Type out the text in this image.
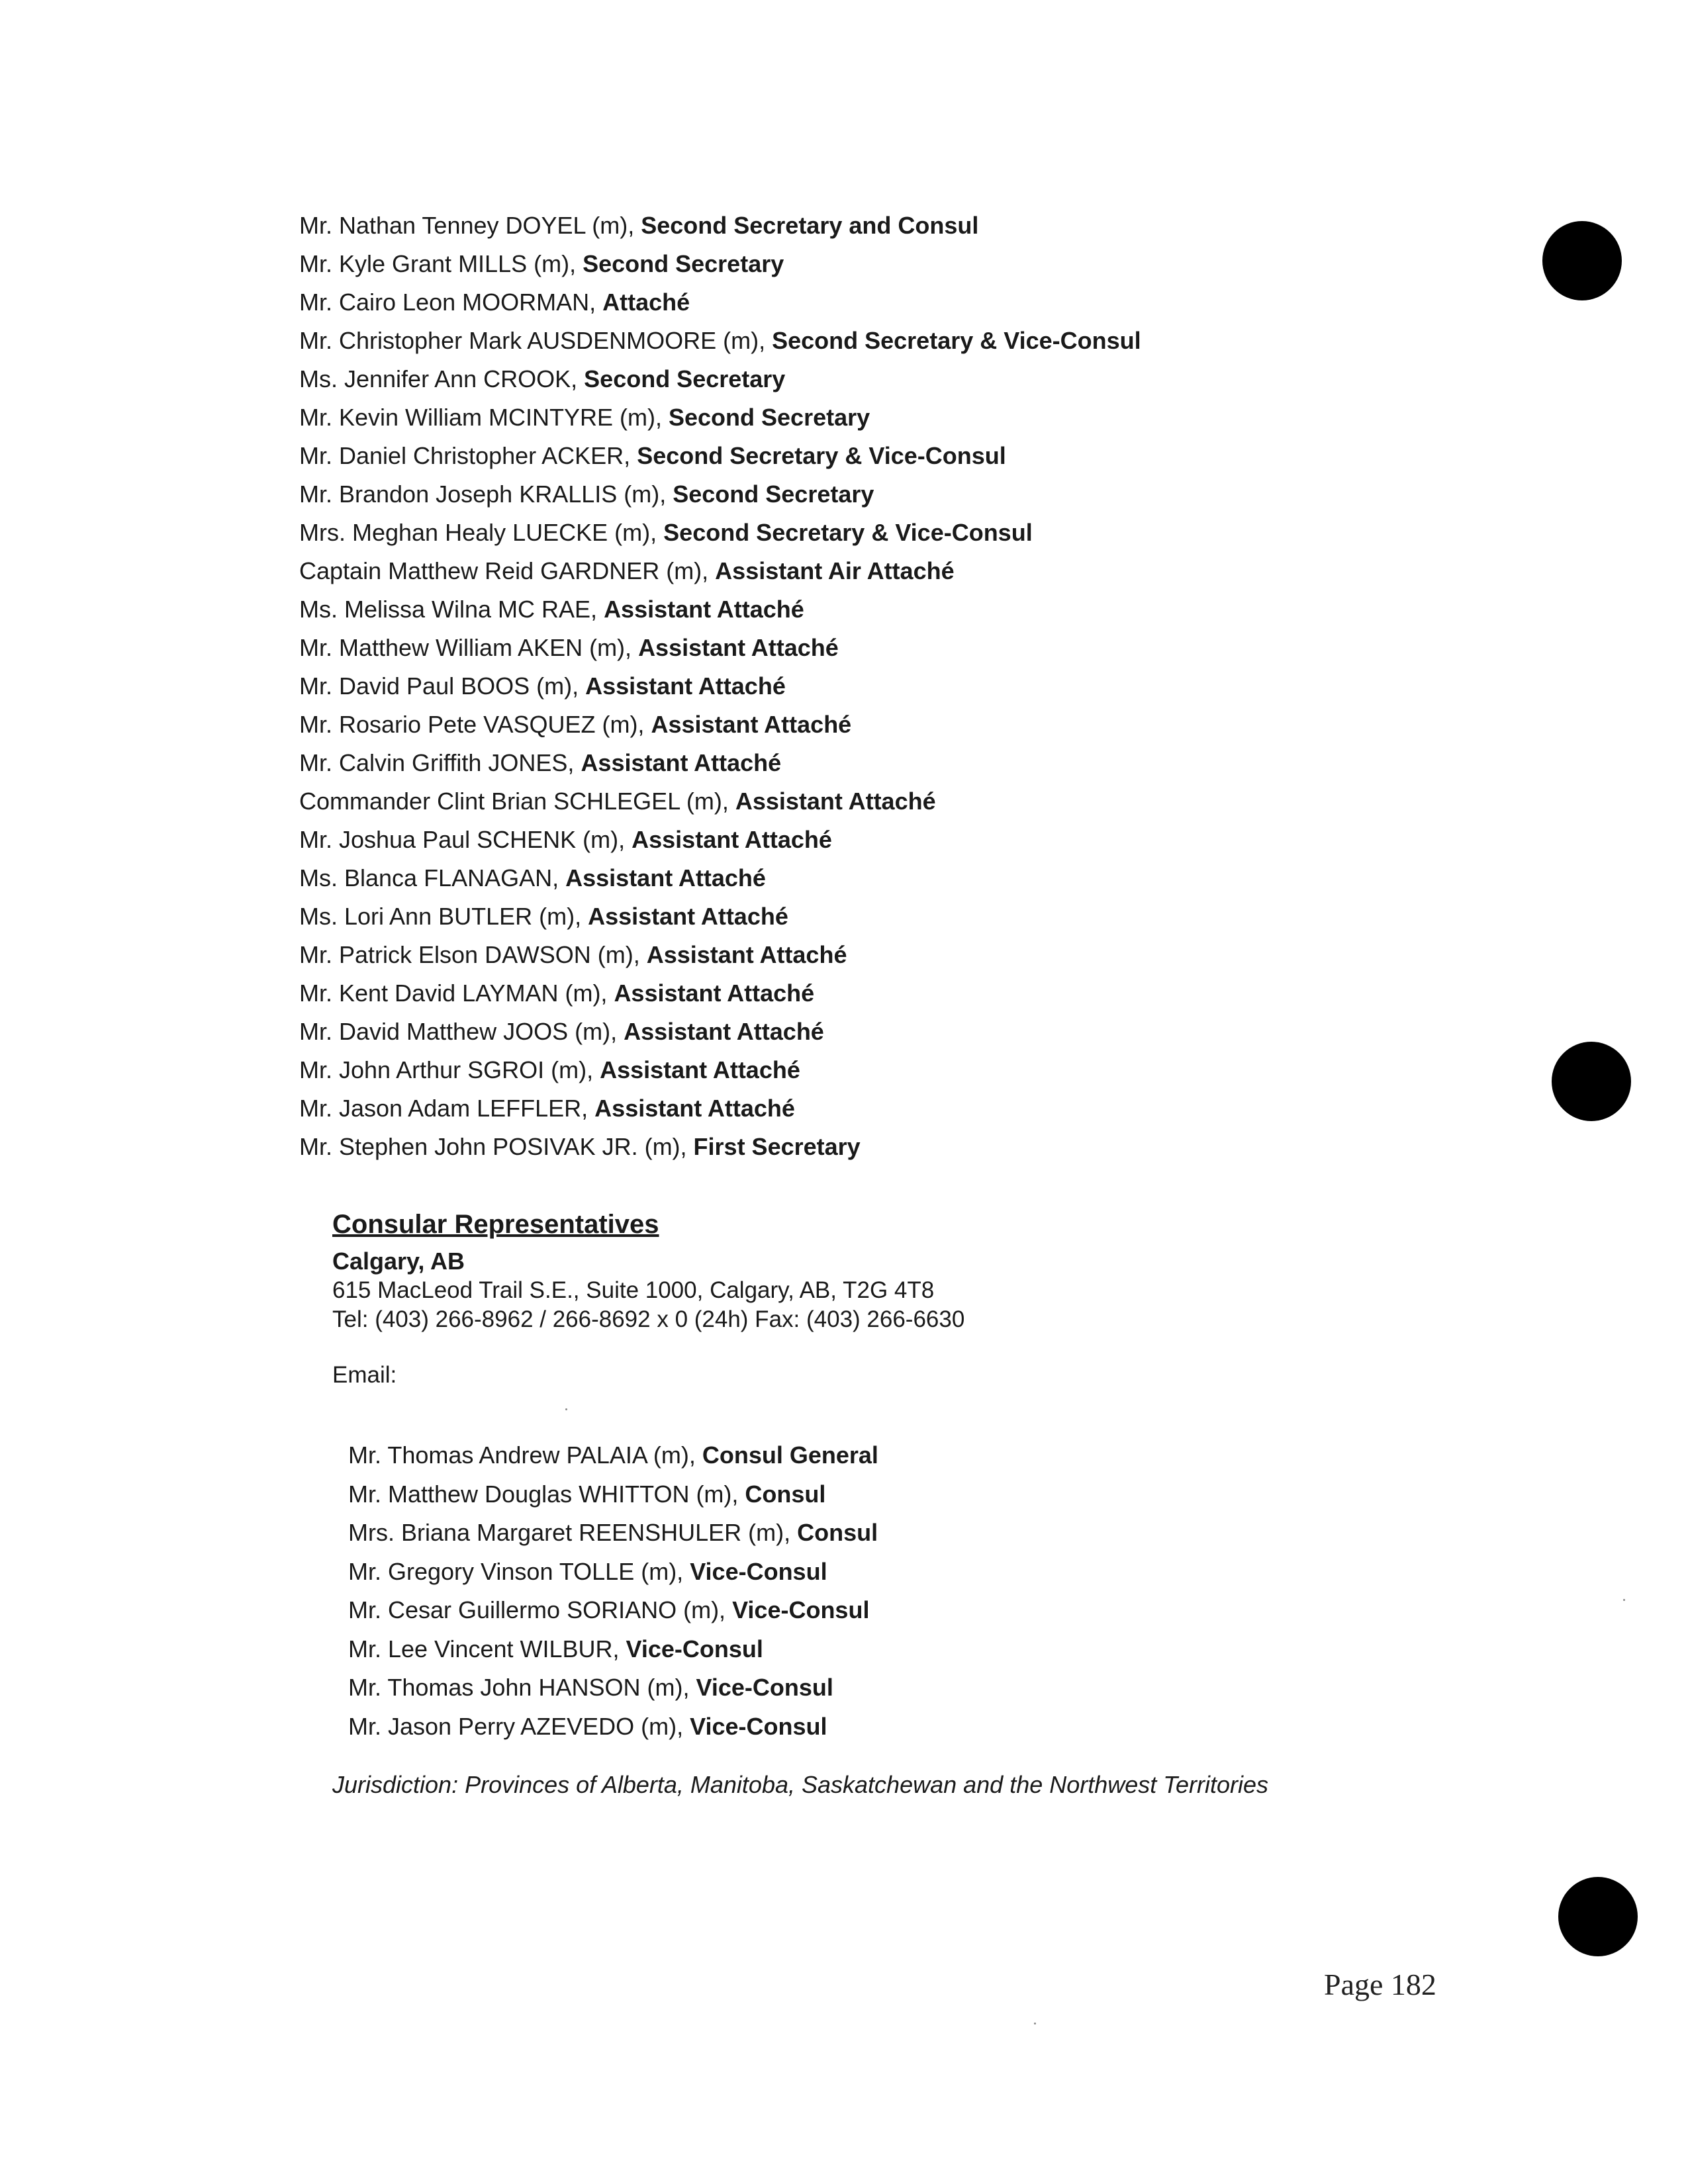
Mr. Nathan Tenney DOYEL (m), Second Secretary and Consul
Mr. Kyle Grant MILLS (m), Second Secretary
Mr. Cairo Leon MOORMAN, Attaché
Mr. Christopher Mark AUSDENMOORE (m), Second Secretary & Vice-Consul
Ms. Jennifer Ann CROOK, Second Secretary
Mr. Kevin William MCINTYRE (m), Second Secretary
Mr. Daniel Christopher ACKER, Second Secretary & Vice-Consul
Mr. Brandon Joseph KRALLIS (m), Second Secretary
Mrs. Meghan Healy LUECKE (m), Second Secretary & Vice-Consul
Captain Matthew Reid GARDNER (m), Assistant Air Attaché
Ms. Melissa Wilna MC RAE, Assistant Attaché
Mr. Matthew William AKEN (m), Assistant Attaché
Mr. David Paul BOOS (m), Assistant Attaché
Mr. Rosario Pete VASQUEZ (m), Assistant Attaché
Mr. Calvin Griffith JONES, Assistant Attaché
Commander Clint Brian SCHLEGEL (m), Assistant Attaché
Mr. Joshua Paul SCHENK (m), Assistant Attaché
Ms. Blanca FLANAGAN, Assistant Attaché
Ms. Lori Ann BUTLER (m), Assistant Attaché
Mr. Patrick Elson DAWSON (m), Assistant Attaché
Mr. Kent David LAYMAN (m), Assistant Attaché
Mr. David Matthew JOOS (m), Assistant Attaché
Mr. John Arthur SGROI (m), Assistant Attaché
Mr. Jason Adam LEFFLER, Assistant Attaché
Mr. Stephen John POSIVAK JR. (m), First Secretary
Consular Representatives
Calgary, AB
615 MacLeod Trail S.E., Suite 1000, Calgary, AB, T2G 4T8
Tel: (403) 266-8962 / 266-8692 x 0 (24h) Fax: (403) 266-6630
Email:
Mr. Thomas Andrew PALAIA (m), Consul General
Mr. Matthew Douglas WHITTON (m), Consul
Mrs. Briana Margaret REENSHULER (m), Consul
Mr. Gregory Vinson TOLLE (m), Vice-Consul
Mr. Cesar Guillermo SORIANO (m), Vice-Consul
Mr. Lee Vincent WILBUR, Vice-Consul
Mr. Thomas John HANSON (m), Vice-Consul
Mr. Jason Perry AZEVEDO (m), Vice-Consul
Jurisdiction: Provinces of Alberta, Manitoba, Saskatchewan and the Northwest Territories
Page 182
